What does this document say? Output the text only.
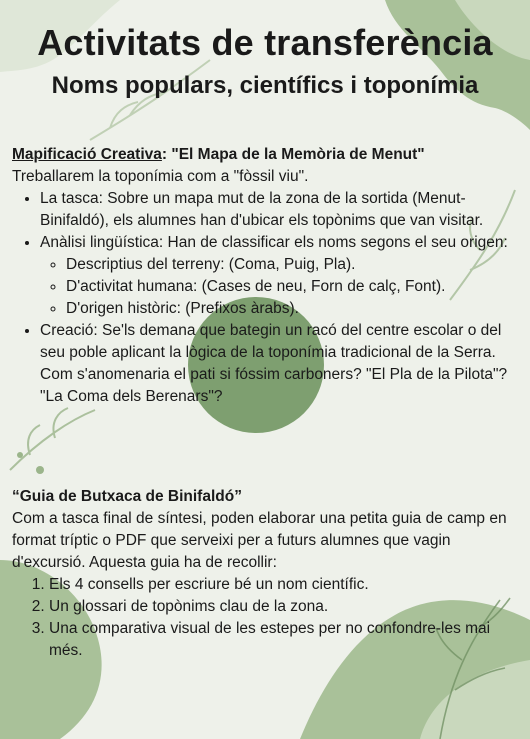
Activitats de transferència
Noms populars, científics i toponímia
Mapificació Creativa: "El Mapa de la Memòria de Menut"
Treballarem la toponímia com a "fòssil viu".
• La tasca: Sobre un mapa mut de la zona de la sortida (Menut-Binifaldó), els alumnes han d'ubicar els topònims que van visitar.
• Anàlisi lingüística: Han de classificar els noms segons el seu origen:
◦ Descriptius del terreny: (Coma, Puig, Pla).
◦ D'activitat humana: (Cases de neu, Forn de calç, Font).
◦ D'origen històric: (Prefixos àrabs).
• Creació: Se'ls demana que bategin un racó del centre escolar o del seu poble aplicant la lògica de la toponímia tradicional de la Serra. Com s'anomenaria el pati si fóssim carboners? "El Pla de la Pilota"? "La Coma dels Berenars"?
“Guia de Butxaca de Binifaldó”
Com a tasca final de síntesi, poden elaborar una petita guia de camp en format tríptic o PDF que serveixi per a futurs alumnes que vagin d'excursió. Aquesta guia ha de recollir:
1. Els 4 consells per escriure bé un nom científic.
2. Un glossari de topònims clau de la zona.
3. Una comparativa visual de les estepes per no confondre-les mai més.
